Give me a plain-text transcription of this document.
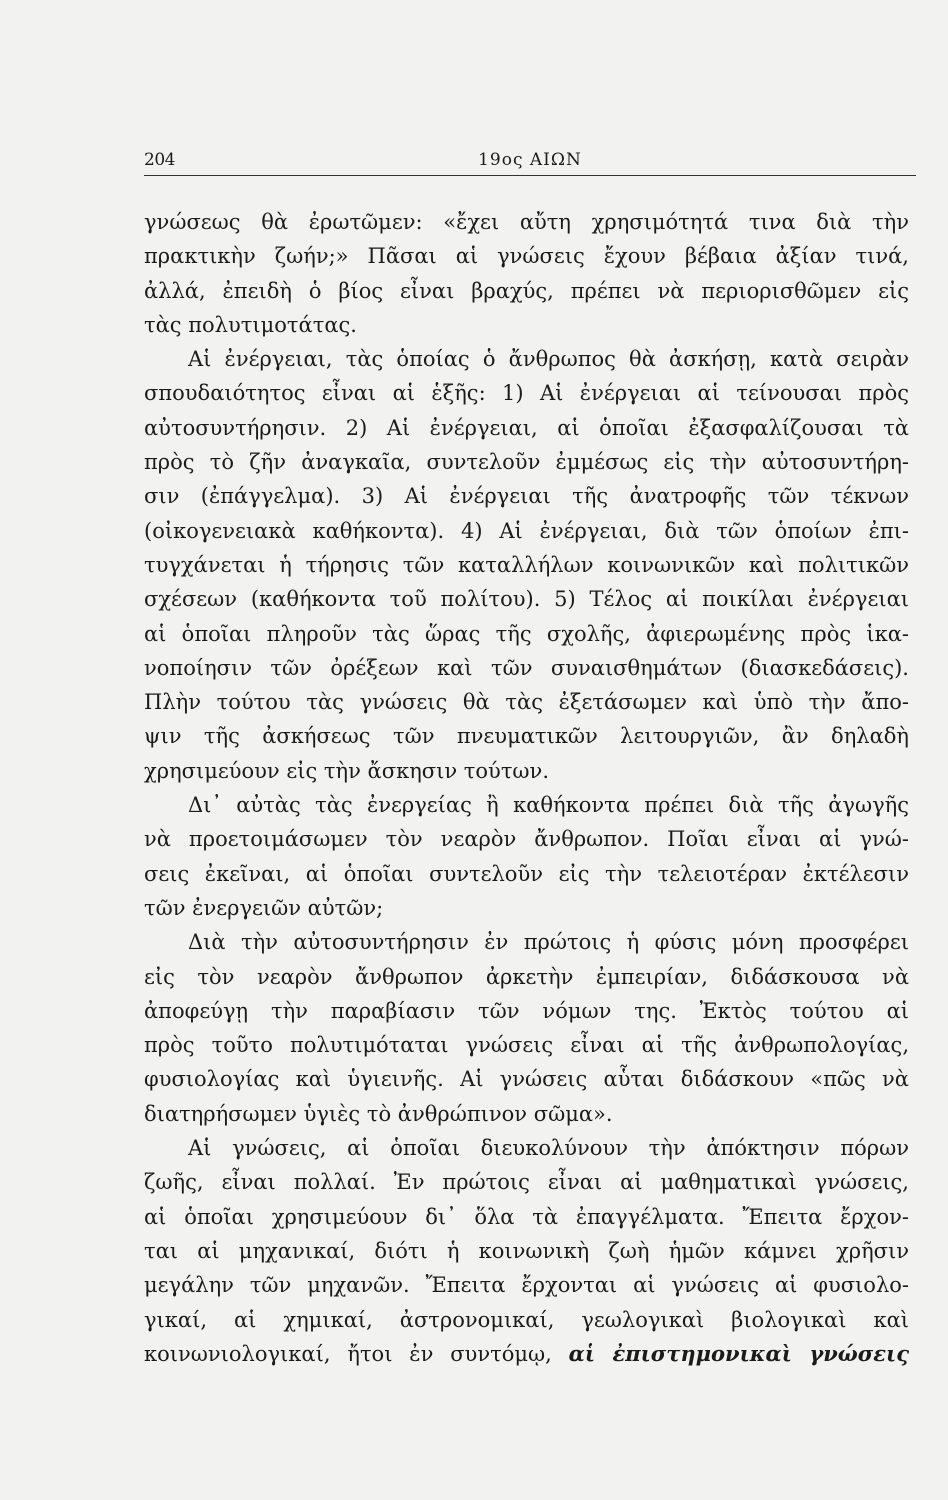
204	19ος ΑΙΩΝ
γνώσεως θὰ ἐρωτῶμεν: «ἔχει αὔτη χρησιμότητά τινα διὰ τὴν
πρακτικὴν ζωήν;» Πᾶσαι αἱ γνώσεις ἔχουν βέβαια ἀξίαν τινά,
ἀλλά, ἐπειδὴ ὁ βίος εἶναι βραχύς, πρέπει νὰ περιορισθῶμεν εἰς
τὰς πολυτιμοτάτας.
Αἱ ἐνέργειαι, τὰς ὁποίας ὁ ἄνθρωπος θὰ ἀσκήσῃ, κατὰ σειρὰν
σπουδαιότητος εἶναι αἱ ἑξῆς: 1) Αἱ ἐνέργειαι αἱ τείνουσαι πρὸς
αὐτοσυντήρησιν. 2) Αἱ ἐνέργειαι, αἱ ὁποῖαι ἐξασφαλίζουσαι τὰ
πρὸς τὸ ζῆν ἀναγκαῖα, συντελοῦν ἐμμέσως εἰς τὴν αὐτοσυντήρη-
σιν (ἐπάγγελμα). 3) Αἱ ἐνέργειαι τῆς ἀνατροφῆς τῶν τέκνων
(οἰκογενειακὰ καθήκοντα). 4) Αἱ ἐνέργειαι, διὰ τῶν ὁποίων ἐπι-
τυγχάνεται ἡ τήρησις τῶν καταλλήλων κοινωνικῶν καὶ πολιτικῶν
σχέσεων (καθήκοντα τοῦ πολίτου). 5) Τέλος αἱ ποικίλαι ἐνέργειαι
αἱ ὁποῖαι πληροῦν τὰς ὥρας τῆς σχολῆς, ἀφιερωμένης πρὸς ἱκα-
νοποίησιν τῶν ὀρέξεων καὶ τῶν συναισθημάτων (διασκεδάσεις).
Πλὴν τούτου τὰς γνώσεις θὰ τὰς ἐξετάσωμεν καὶ ὑπὸ τὴν ἄπο-
ψιν τῆς ἀσκήσεως τῶν πνευματικῶν λειτουργιῶν, ἂν δηλαδὴ
χρησιμεύουν εἰς τὴν ἄσκησιν τούτων.
Δι᾽ αὐτὰς τὰς ἐνεργείας ἢ καθήκοντα πρέπει διὰ τῆς ἀγωγῆς
νὰ προετοιμάσωμεν τὸν νεαρὸν ἄνθρωπον. Ποῖαι εἶναι αἱ γνώ-
σεις ἐκεῖναι, αἱ ὁποῖαι συντελοῦν εἰς τὴν τελειοτέραν ἐκτέλεσιν
τῶν ἐνεργειῶν αὐτῶν;
Διὰ τὴν αὐτοσυντήρησιν ἐν πρώτοις ἡ φύσις μόνη προσφέρει
εἰς τὸν νεαρὸν ἄνθρωπον ἀρκετὴν ἐμπειρίαν, διδάσκουσα νὰ
ἀποφεύγῃ τὴν παραβίασιν τῶν νόμων της. Ἐκτὸς τούτου αἱ
πρὸς τοῦτο πολυτιμόταται γνώσεις εἶναι αἱ τῆς ἀνθρωπολογίας,
φυσιολογίας καὶ ὑγιεινῆς. Αἱ γνώσεις αὗται διδάσκουν «πῶς νὰ
διατηρήσωμεν ὑγιὲς τὸ ἀνθρώπινον σῶμα».
Αἱ γνώσεις, αἱ ὁποῖαι διευκολύνουν τὴν ἀπόκτησιν πόρων
ζωῆς, εἶναι πολλαί. Ἐν πρώτοις εἶναι αἱ μαθηματικαὶ γνώσεις,
αἱ ὁποῖαι χρησιμεύουν δι᾽ ὅλα τὰ ἐπαγγέλματα. Ἔπειτα ἔρχον-
ται αἱ μηχανικαί, διότι ἡ κοινωνικὴ ζωὴ ἡμῶν κάμνει χρῆσιν
μεγάλην τῶν μηχανῶν. Ἔπειτα ἔρχονται αἱ γνώσεις αἱ φυσιολο-
γικαί, αἱ χημικαί, ἀστρονομικαί, γεωλογικαὶ βιολογικαὶ καὶ
κοινωνιολογικαί, ἤτοι ἐν συντόμῳ, αἱ ἐπιστημονικαὶ γνώσεις
